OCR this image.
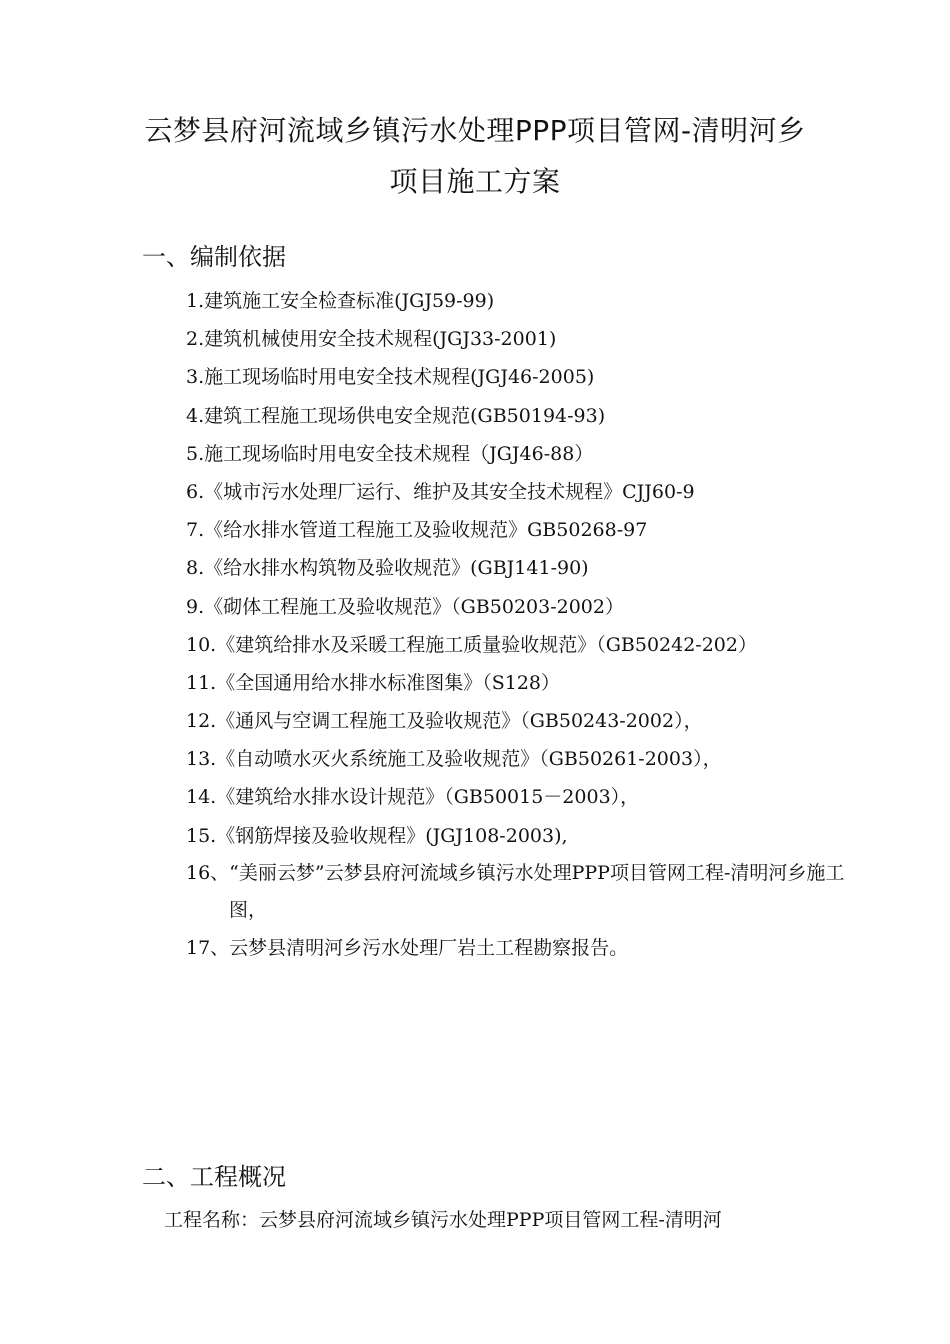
云梦县府河流域乡镇污水处理PPP项目管网-清明河乡
项目施工方案
一、编制依据
1.建筑施工安全检查标准(JGJ59-99)
2.建筑机械使用安全技术规程(JGJ33-2001)
3.施工现场临时用电安全技术规程(JGJ46-2005)
4.建筑工程施工现场供电安全规范(GB50194-93)
5.施工现场临时用电安全技术规程（JGJ46-88）
6.《城市污水处理厂运行、维护及其安全技术规程》CJJ60-9
7.《给水排水管道工程施工及验收规范》GB50268-97
8.《给水排水构筑物及验收规范》(GBJ141-90)
9.《砌体工程施工及验收规范》（GB50203-2002）
10.《建筑给排水及采暖工程施工质量验收规范》（GB50242-202）
11.《全国通用给水排水标准图集》（S128）
12.《通风与空调工程施工及验收规范》（GB50243-2002），
13.《自动喷水灭火系统施工及验收规范》（GB50261-2003），
14.《建筑给水排水设计规范》（GB50015－2003），
15.《钢筋焊接及验收规程》(JGJ108-2003),
16、“美丽云梦”云梦县府河流域乡镇污水处理PPP项目管网工程-清明河乡施工图，
17、云梦县清明河乡污水处理厂岩土工程勘察报告。
二、工程概况
工程名称：云梦县府河流域乡镇污水处理PPP项目管网工程-清明河
